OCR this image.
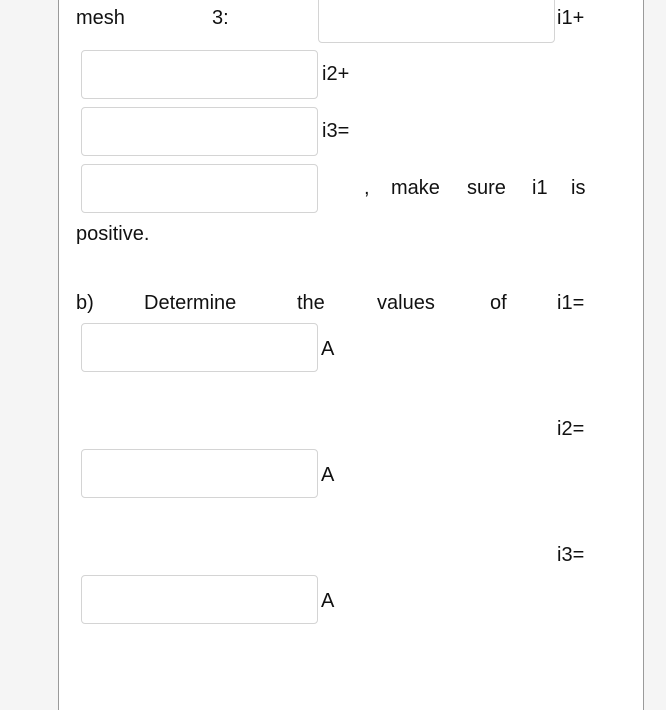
mesh	3:	i1+
i2+
i3=
, make sure i1 is
positive.
b)	Determine	the	values	of	i1=
A
i2=
A
i3=
A
